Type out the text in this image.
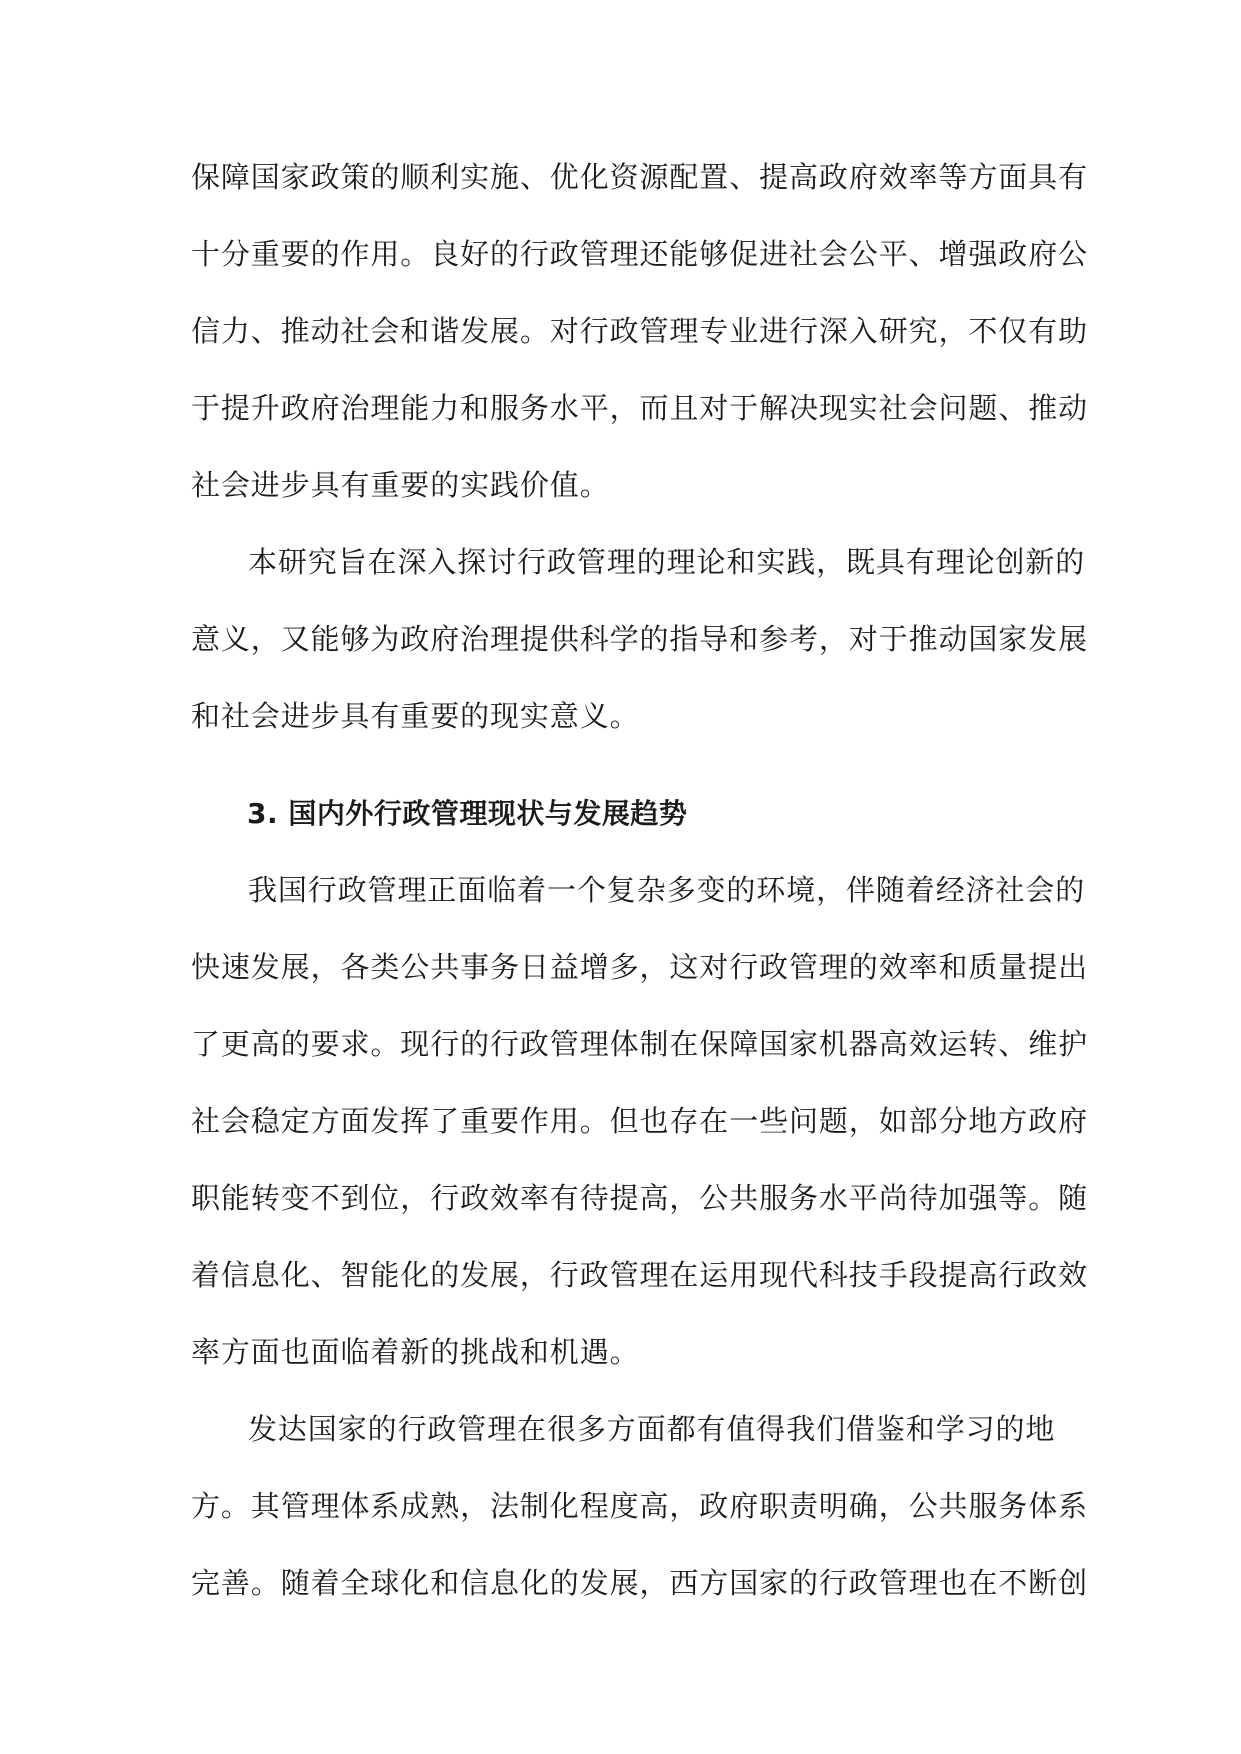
保障国家政策的顺利实施、优化资源配置、提高政府效率等方面具有
十分重要的作用。良好的行政管理还能够促进社会公平、增强政府公
信力、推动社会和谐发展。对行政管理专业进行深入研究，不仅有助
于提升政府治理能力和服务水平，而且对于解决现实社会问题、推动
社会进步具有重要的实践价值。
本研究旨在深入探讨行政管理的理论和实践，既具有理论创新的
意义，又能够为政府治理提供科学的指导和参考，对于推动国家发展
和社会进步具有重要的现实意义。
3. 国内外行政管理现状与发展趋势
我国行政管理正面临着一个复杂多变的环境，伴随着经济社会的
快速发展，各类公共事务日益增多，这对行政管理的效率和质量提出
了更高的要求。现行的行政管理体制在保障国家机器高效运转、维护
社会稳定方面发挥了重要作用。但也存在一些问题，如部分地方政府
职能转变不到位，行政效率有待提高，公共服务水平尚待加强等。随
着信息化、智能化的发展，行政管理在运用现代科技手段提高行政效
率方面也面临着新的挑战和机遇。
发达国家的行政管理在很多方面都有值得我们借鉴和学习的地
方。其管理体系成熟，法制化程度高，政府职责明确，公共服务体系
完善。随着全球化和信息化的发展，西方国家的行政管理也在不断创
